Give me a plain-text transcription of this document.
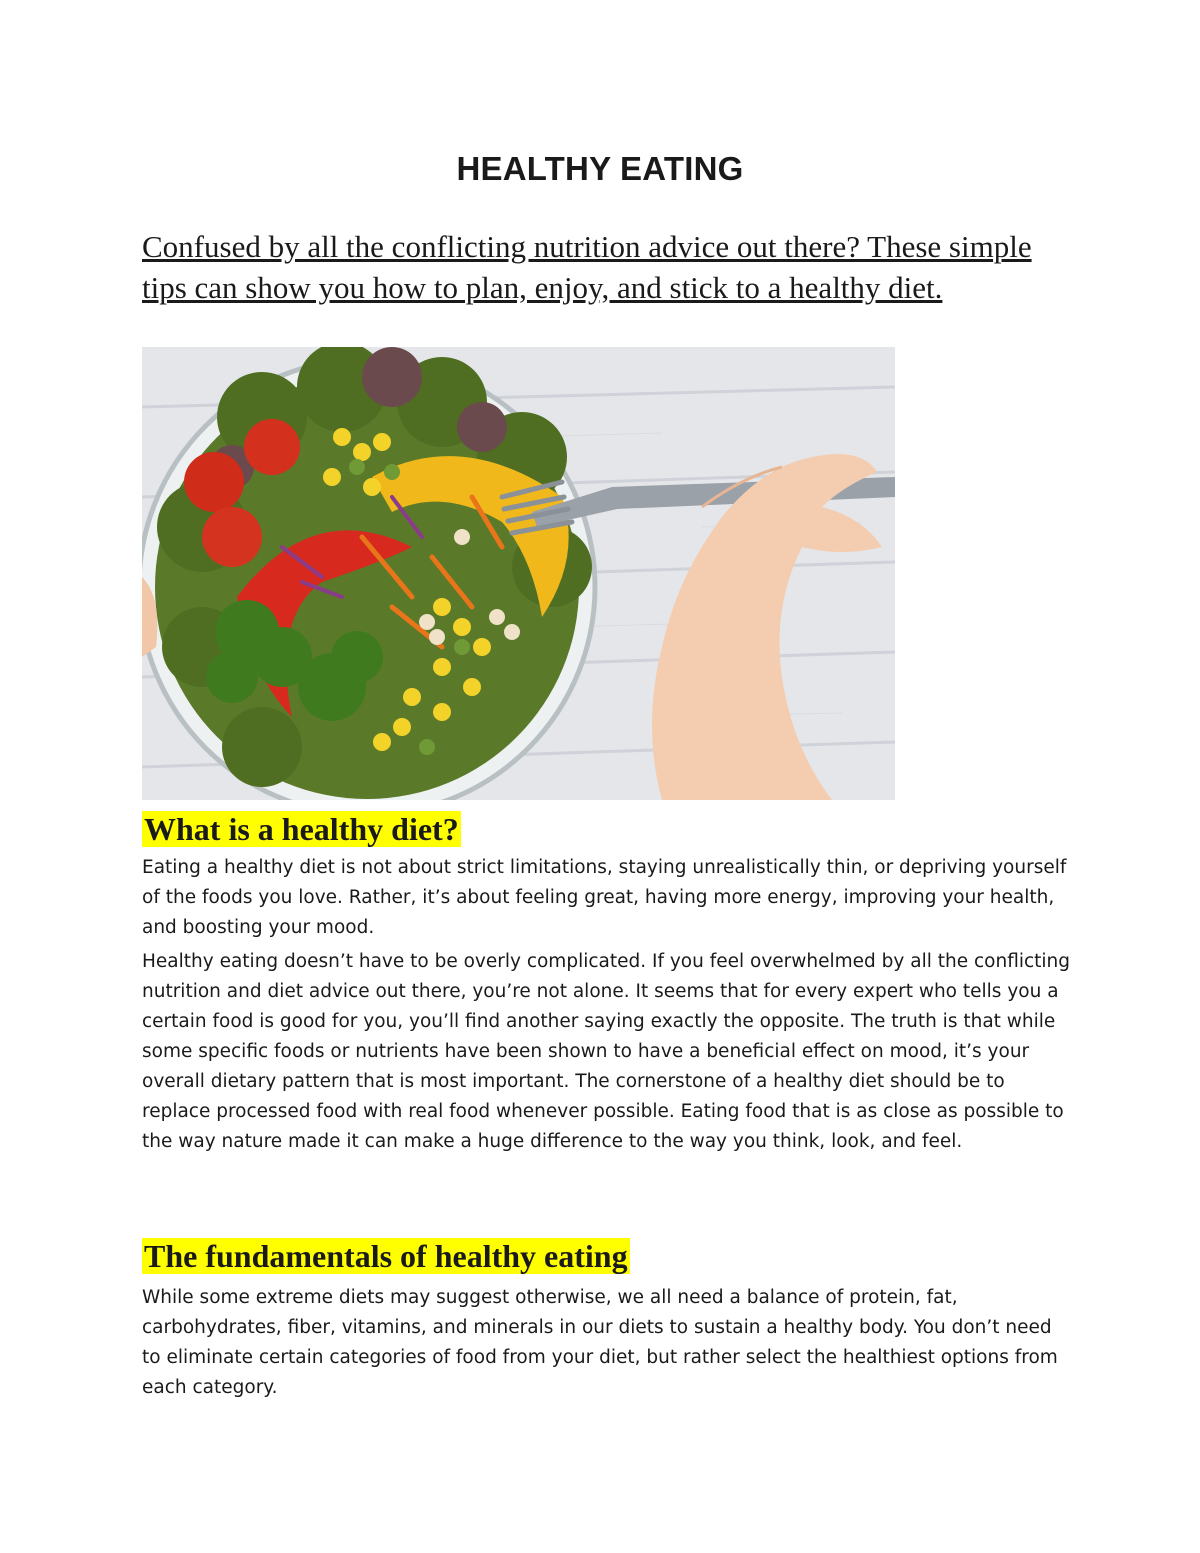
HEALTHY EATING
Confused by all the conflicting nutrition advice out there? These simple tips can show you how to plan, enjoy, and stick to a healthy diet.
What is a healthy diet?

Eating a healthy diet is not about strict limitations, staying unrealistically thin, or depriving yourself of the foods you love. Rather, it’s about feeling great, having more energy, improving your health, and boosting your mood.

Healthy eating doesn’t have to be overly complicated. If you feel overwhelmed by all the conflicting nutrition and diet advice out there, you’re not alone. It seems that for every expert who tells you a certain food is good for you, you’ll find another saying exactly the opposite. The truth is that while some specific foods or nutrients have been shown to have a beneficial effect on mood, it’s your overall dietary pattern that is most important. The cornerstone of a healthy diet should be to replace processed food with real food whenever possible. Eating food that is as close as possible to the way nature made it can make a huge difference to the way you think, look, and feel.

The fundamentals of healthy eating

While some extreme diets may suggest otherwise, we all need a balance of protein, fat, carbohydrates, fiber, vitamins, and minerals in our diets to sustain a healthy body. You don’t need to eliminate certain categories of food from your diet, but rather select the healthiest options from each category.
